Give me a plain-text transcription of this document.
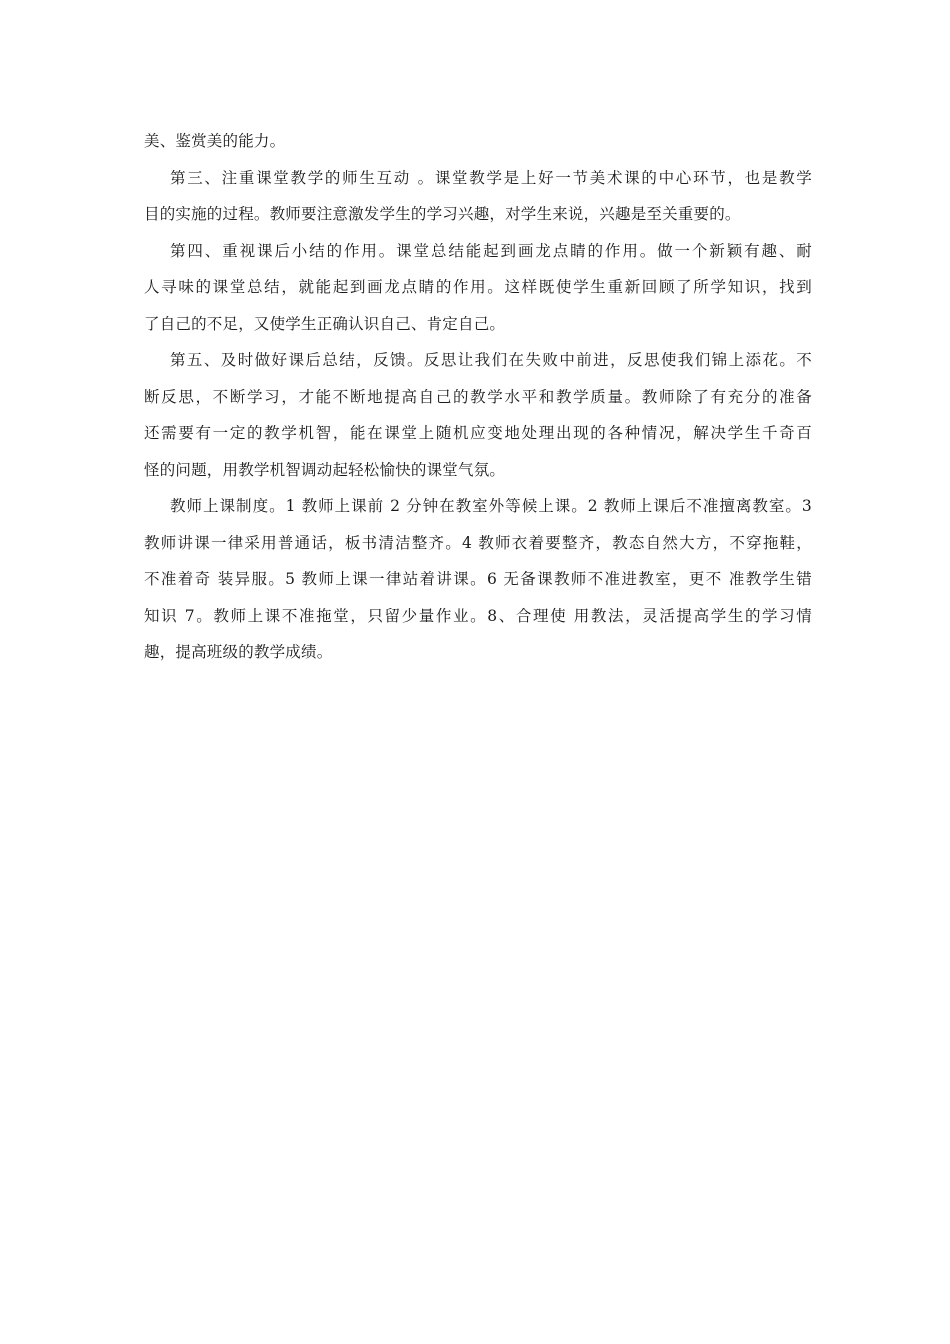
美、鉴赏美的能力。
第三、注重课堂教学的师生互动 。课堂教学是上好一节美术课的中心环节，也是教学
目的实施的过程。教师要注意激发学生的学习兴趣，对学生来说，兴趣是至关重要的。
第四、重视课后小结的作用。课堂总结能起到画龙点睛的作用。做一个新颖有趣、耐
人寻味的课堂总结，就能起到画龙点睛的作用。这样既使学生重新回顾了所学知识，找到
了自己的不足，又使学生正确认识自己、肯定自己。
第五、及时做好课后总结，反馈。反思让我们在失败中前进，反思使我们锦上添花。不
断反思，不断学习，才能不断地提高自己的教学水平和教学质量。教师除了有充分的准备
还需要有一定的教学机智，能在课堂上随机应变地处理出现的各种情况，解决学生千奇百
怪的问题，用教学机智调动起轻松愉快的课堂气氛。
教师上课制度。1 教师上课前 2 分钟在教室外等候上课。2 教师上课后不准擅离教室。3
教师讲课一律采用普通话，板书清洁整齐。4 教师衣着要整齐，教态自然大方，不穿拖鞋，
不准着奇 装异服。5 教师上课一律站着讲课。6 无备课教师不准进教室，更不 准教学生错
知识 7。教师上课不准拖堂，只留少量作业。8、合理使 用教法，灵活提高学生的学习情
趣，提高班级的教学成绩。
